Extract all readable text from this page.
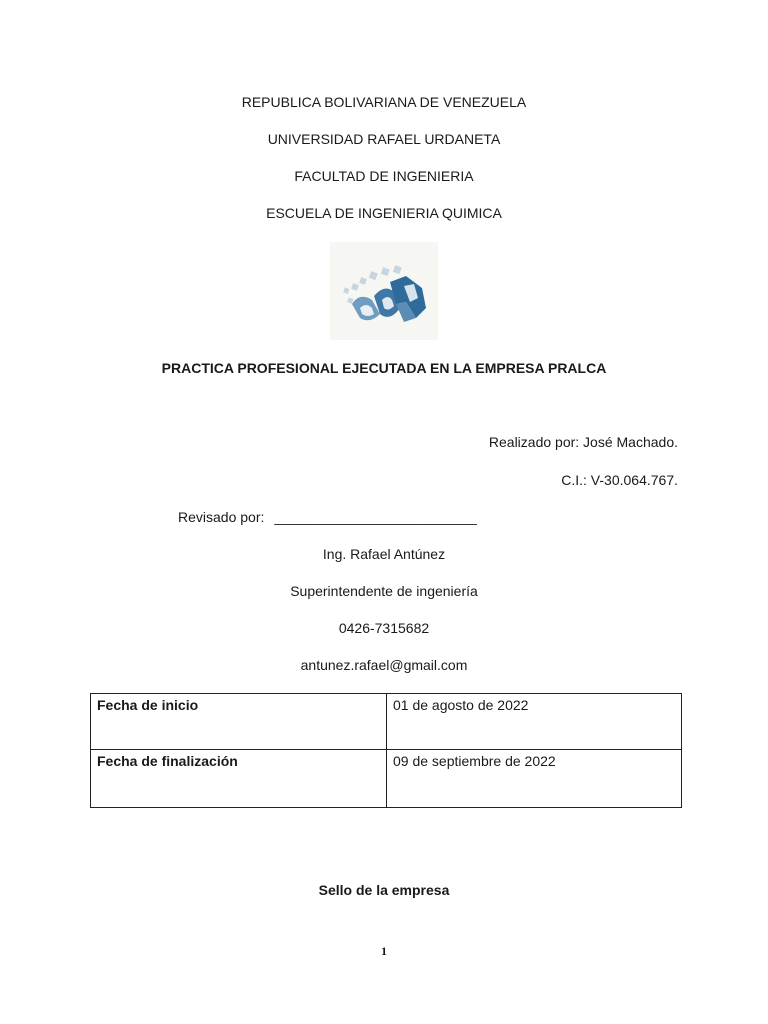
REPUBLICA BOLIVARIANA DE VENEZUELA
UNIVERSIDAD RAFAEL URDANETA
FACULTAD DE INGENIERIA
ESCUELA DE INGENIERIA QUIMICA
PRACTICA PROFESIONAL EJECUTADA EN LA EMPRESA PRALCA
Realizado por: José Machado.
C.I.: V-30.064.767.
Revisado por: __________________________
Ing. Rafael Antúnez
Superintendente de ingeniería
0426-7315682
antunez.rafael@gmail.com
Fecha de inicio	01 de agosto de 2022
Fecha de finalización	09 de septiembre de 2022
Sello de la empresa
1
